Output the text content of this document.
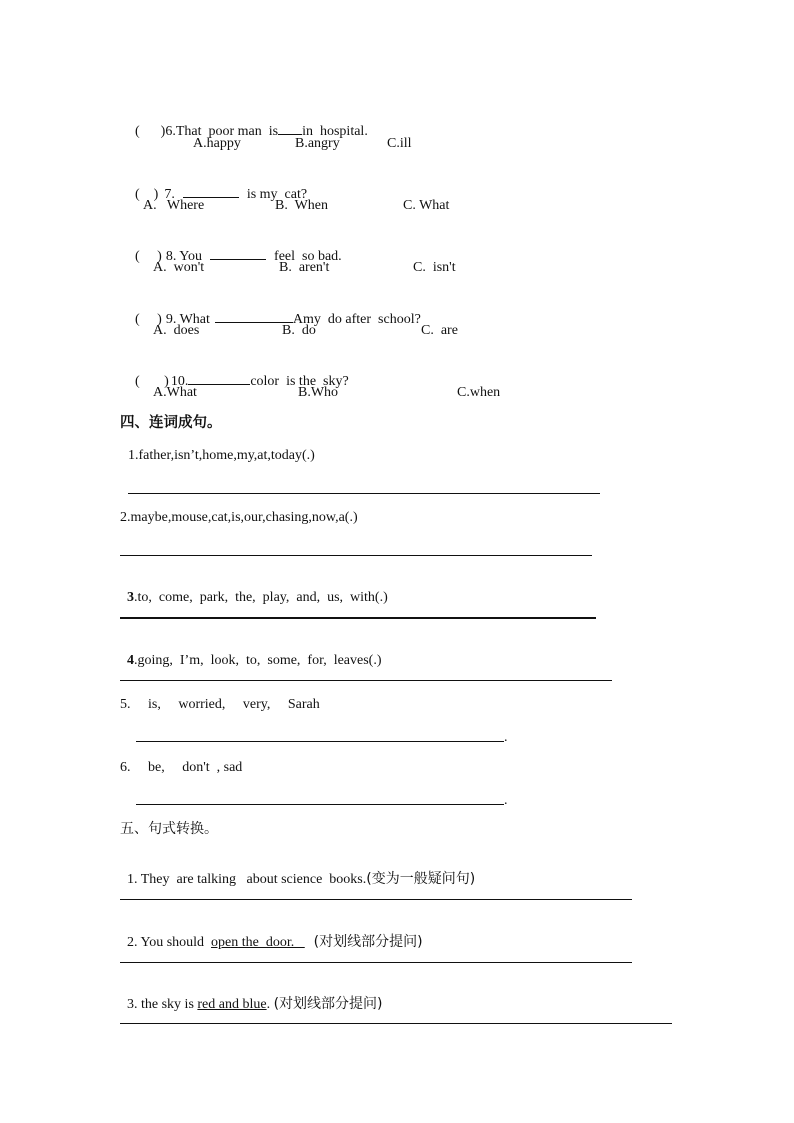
(      )6.That  poor man  is in  hospital.

A.happy	B.angry	C.ill

(    ) 7.	is my  cat?

A.   Where	B.  When	C. What

(     ) 8. You	feel  so bad.

A.  won't	B.  aren't	C.  isn't

(     ) 9. What	Amy  do after  school?

A.  does	B.  do	C.  are

(       ) 10.	color  is the  sky?

A.What	B.Who	C.when
四、连词成句。
1.father,isn’t,home,my,at,today(.)
2.maybe,mouse,cat,is,our,chasing,now,a(.)

3.to,  come,  park,  the,  play,  and,  us,  with(.)

4.going,  I’m,  look,  to,  some,  for,  leaves(.)

5.     is,     worried,     very,     Sarah
.
6.     be,     don't  , sad
.
五、句式转换。

1. They  are talking   about science  books.(变为一般疑问句)

2. You should  open the  door.     (对划线部分提问)

3. the sky is red and blue. (对划线部分提问)
